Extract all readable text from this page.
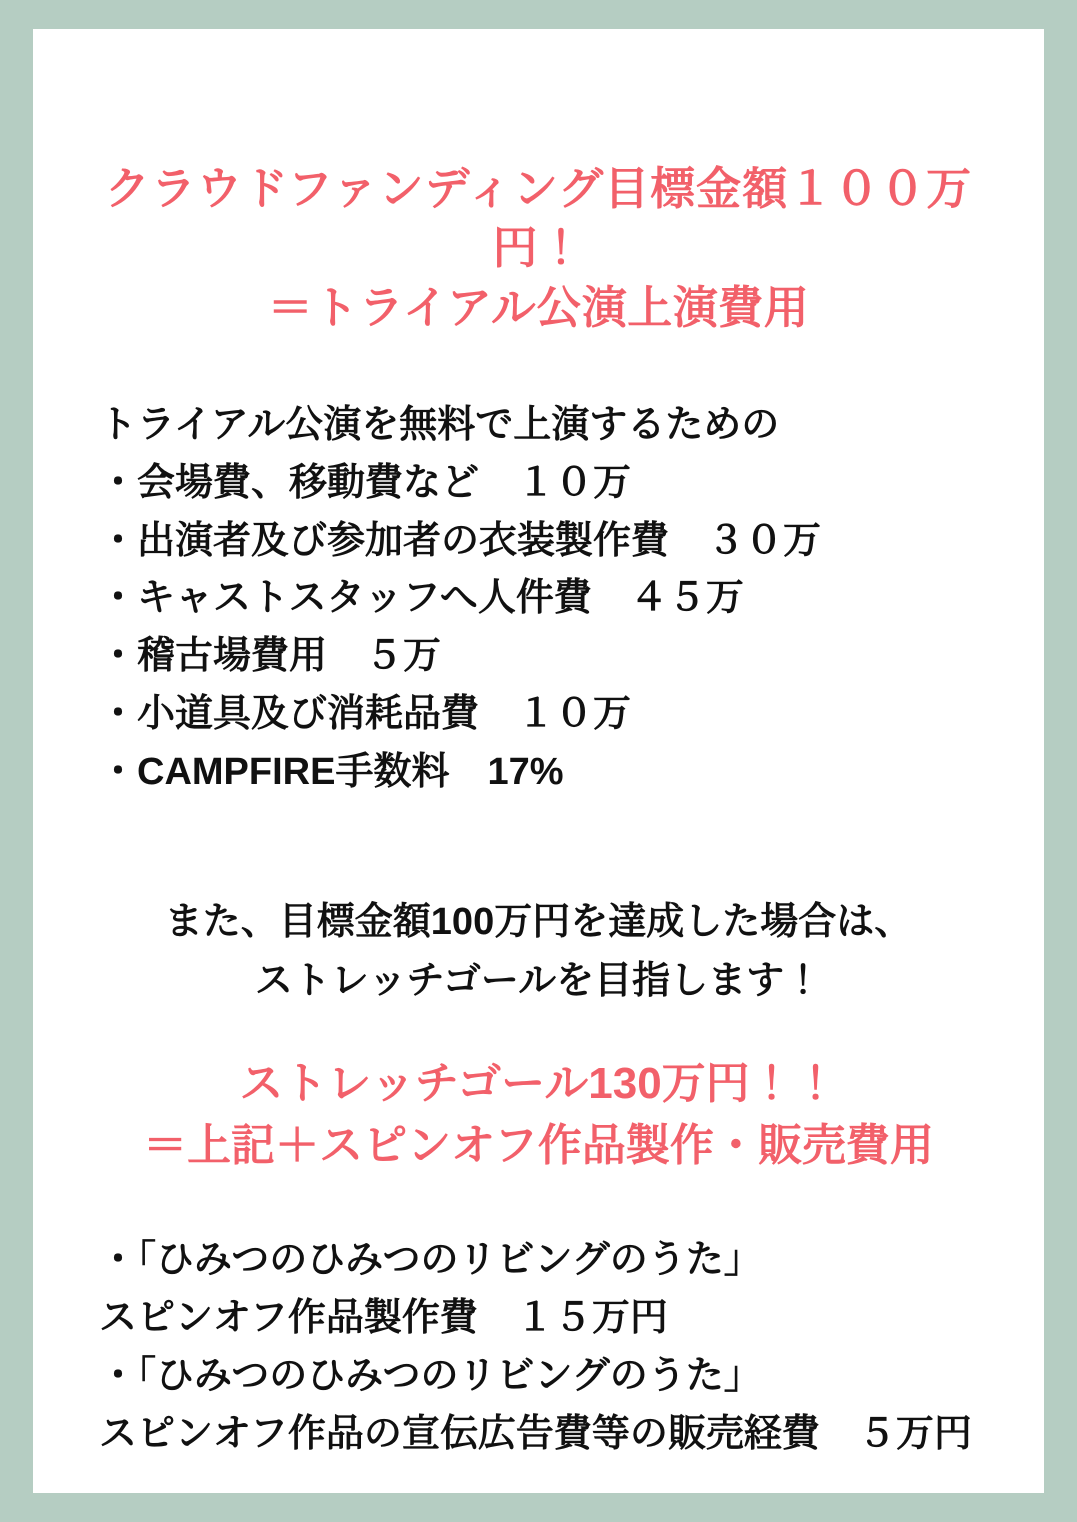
クラウドファンディング目標金額１００万円！
＝トライアル公演上演費用
トライアル公演を無料で上演するための
・会場費、移動費など　１０万
・出演者及び参加者の衣装製作費　３０万
・キャストスタッフへ人件費　４５万
・稽古場費用　５万
・小道具及び消耗品費　１０万
・CAMPFIRE手数料　17%
また、目標金額100万円を達成した場合は、
ストレッチゴールを目指します！
ストレッチゴール130万円！！
＝上記＋スピンオフ作品製作・販売費用
・「ひみつのひみつのリビングのうた」
スピンオフ作品製作費　１５万円
・「ひみつのひみつのリビングのうた」
スピンオフ作品の宣伝広告費等の販売経費　５万円
